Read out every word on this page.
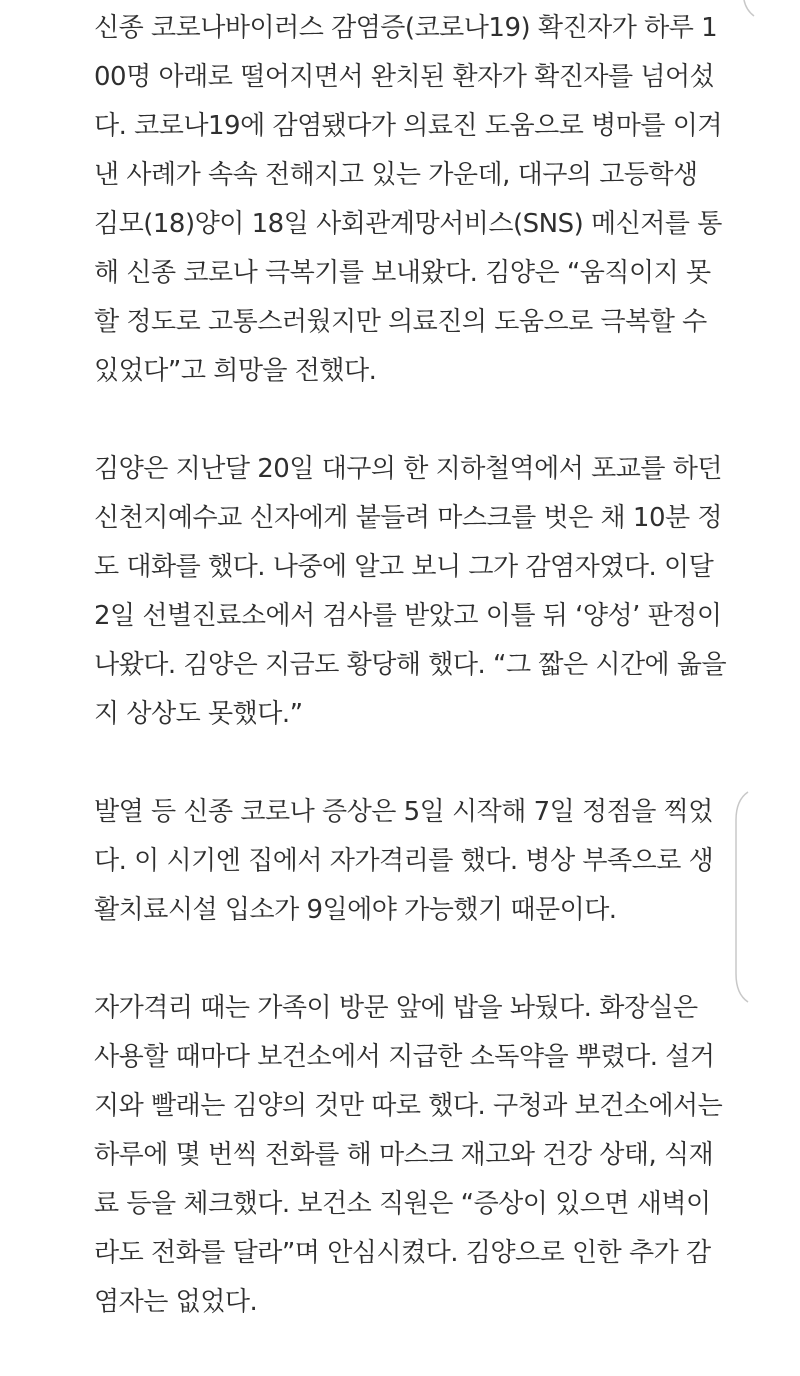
신종 코로나바이러스 감염증(코로나19) 확진자가 하루 1
00명 아래로 떨어지면서 완치된 환자가 확진자를 넘어섰
다. 코로나19에 감염됐다가 의료진 도움으로 병마를 이겨
낸 사례가 속속 전해지고 있는 가운데, 대구의 고등학생
김모(18)양이 18일 사회관계망서비스(SNS) 메신저를 통
해 신종 코로나 극복기를 보내왔다. 김양은 “움직이지 못
할 정도로 고통스러웠지만 의료진의 도움으로 극복할 수
있었다”고 희망을 전했다.
김양은 지난달 20일 대구의 한 지하철역에서 포교를 하던
신천지예수교 신자에게 붙들려 마스크를 벗은 채 10분 정
도 대화를 했다. 나중에 알고 보니 그가 감염자였다. 이달
2일 선별진료소에서 검사를 받았고 이틀 뒤 ‘양성’ 판정이
나왔다. 김양은 지금도 황당해 했다. “그 짧은 시간에 옮을
지 상상도 못했다.”
발열 등 신종 코로나 증상은 5일 시작해 7일 정점을 찍었
다. 이 시기엔 집에서 자가격리를 했다. 병상 부족으로 생
활치료시설 입소가 9일에야 가능했기 때문이다.
자가격리 때는 가족이 방문 앞에 밥을 놔뒀다. 화장실은
사용할 때마다 보건소에서 지급한 소독약을 뿌렸다. 설거
지와 빨래는 김양의 것만 따로 했다. 구청과 보건소에서는
하루에 몇 번씩 전화를 해 마스크 재고와 건강 상태, 식재
료 등을 체크했다. 보건소 직원은 “증상이 있으면 새벽이
라도 전화를 달라”며 안심시켰다. 김양으로 인한 추가 감
염자는 없었다.
